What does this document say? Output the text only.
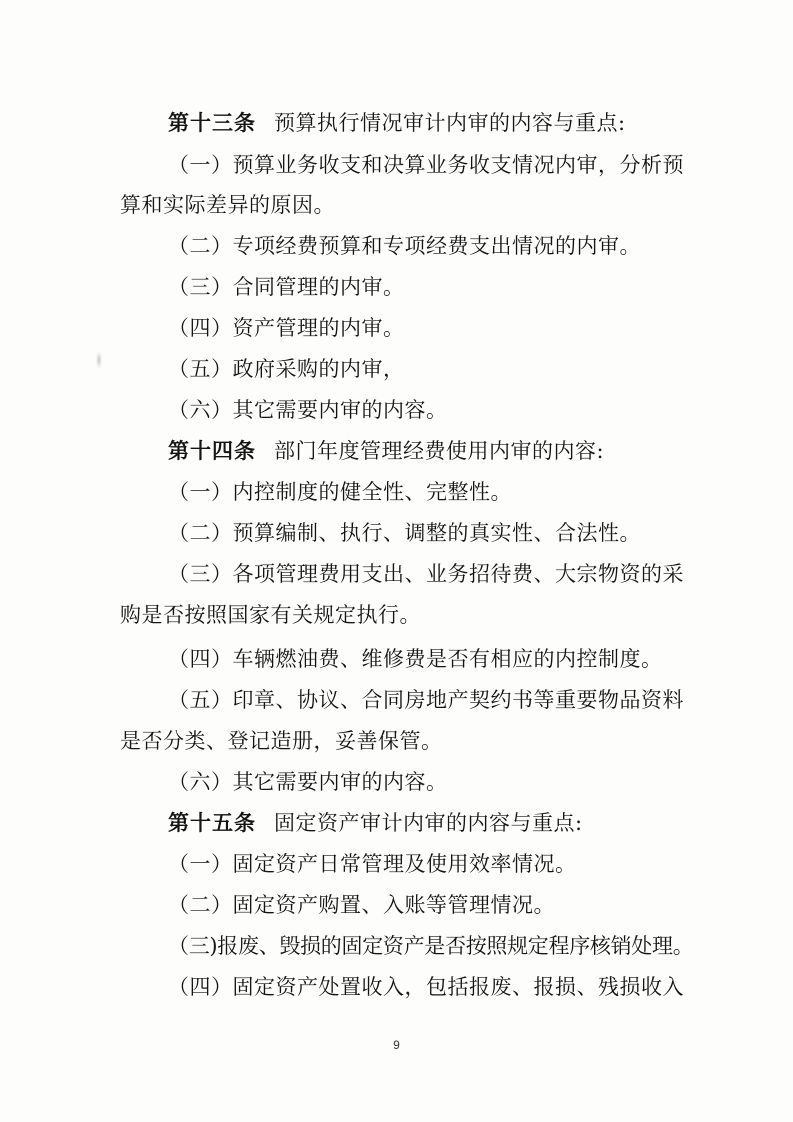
第十三条 预算执行情况审计内审的内容与重点:
（一）预算业务收支和决算业务收支情况内审，分析预
算和实际差异的原因。
（二）专项经费预算和专项经费支出情况的内审。
（三）合同管理的内审。
（四）资产管理的内审。
（五）政府采购的内审，
（六）其它需要内审的内容。
第十四条 部门年度管理经费使用内审的内容:
（一）内控制度的健全性、完整性。
（二）预算编制、执行、调整的真实性、合法性。
（三）各项管理费用支出、业务招待费、大宗物资的采
购是否按照国家有关规定执行。
（四）车辆燃油费、维修费是否有相应的内控制度。
（五）印章、协议、合同房地产契约书等重要物品资料
是否分类、登记造册，妥善保管。
（六）其它需要内审的内容。
第十五条 固定资产审计内审的内容与重点:
（一）固定资产日常管理及使用效率情况。
（二）固定资产购置、入账等管理情况。
（三)报废、毁损的固定资产是否按照规定程序核销处理。
（四）固定资产处置收入，包括报废、报损、残损收入
9
